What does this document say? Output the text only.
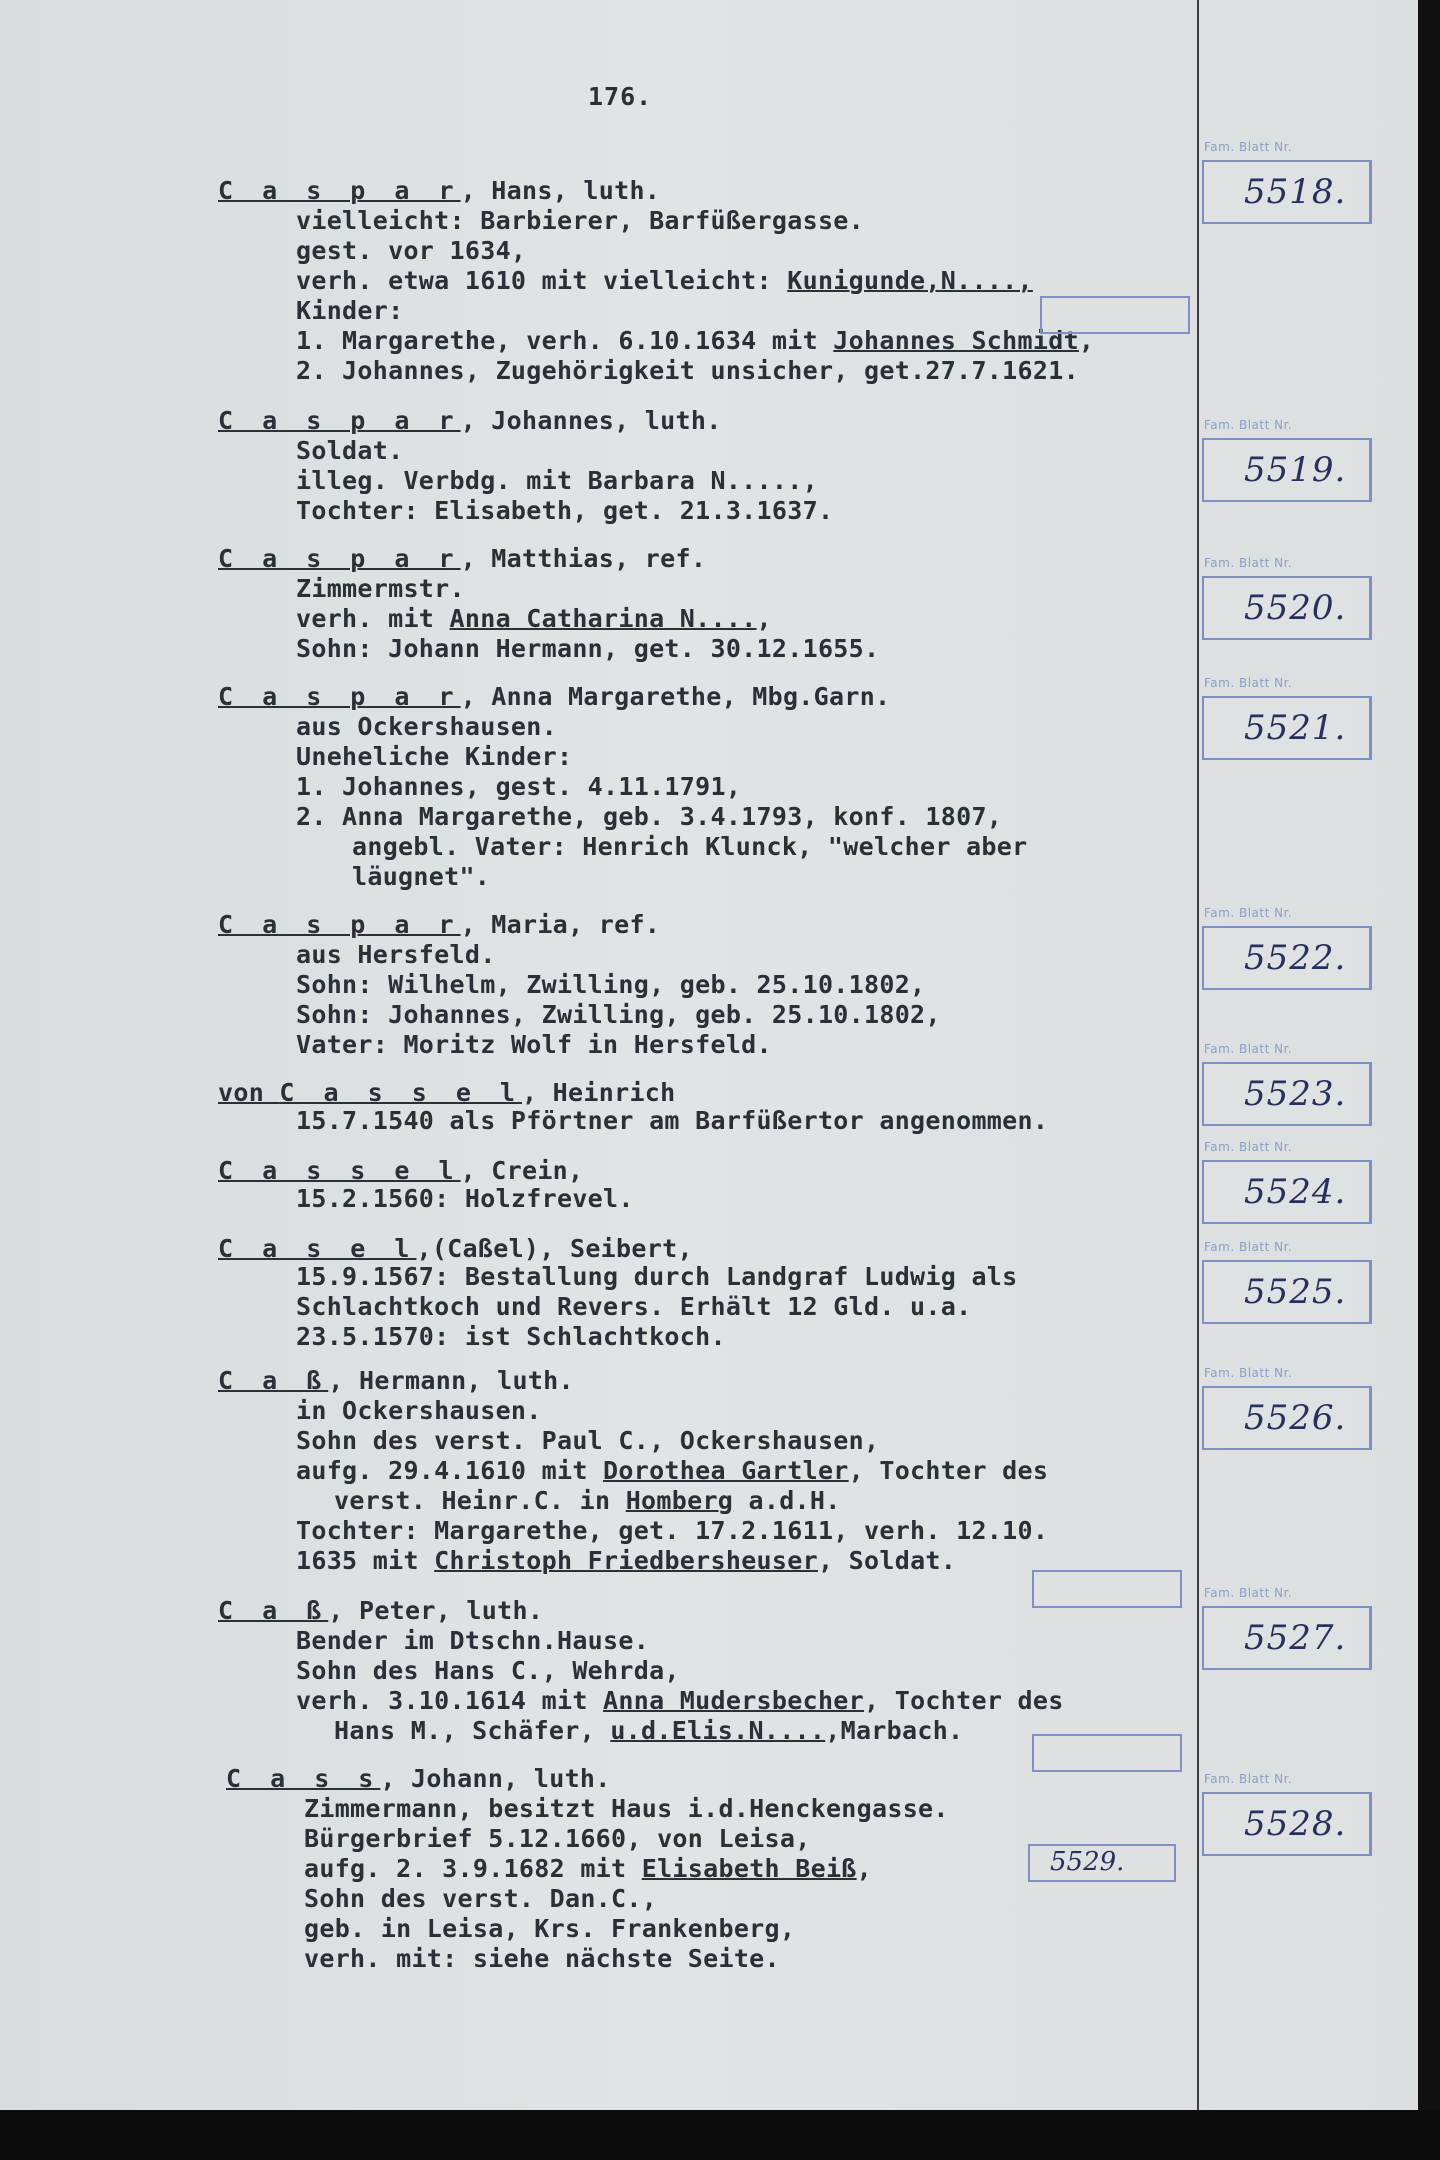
176.
C a s p a r, Hans, luth.
vielleicht: Barbierer, Barfüßergasse.
gest. vor 1634,
verh. etwa 1610 mit vielleicht: Kunigunde,N....,
Kinder:
1. Margarethe, verh. 6.10.1634 mit Johannes Schmidt,
2. Johannes, Zugehörigkeit unsicher, get.27.7.1621.
Fam. Blatt Nr.
5518.
C a s p a r, Johannes, luth.
Soldat.
illeg. Verbdg. mit Barbara N.....,
Tochter: Elisabeth, get. 21.3.1637.
Fam. Blatt Nr.
5519.
C a s p a r, Matthias, ref.
Zimmermstr.
verh. mit Anna Catharina N....,
Sohn: Johann Hermann, get. 30.12.1655.
Fam. Blatt Nr.
5520.
C a s p a r, Anna Margarethe, Mbg.Garn.
aus Ockershausen.
Uneheliche Kinder:
1. Johannes, gest. 4.11.1791,
2. Anna Margarethe, geb. 3.4.1793, konf. 1807,
angebl. Vater: Henrich Klunck, "welcher aber
läugnet".
Fam. Blatt Nr.
5521.
C a s p a r, Maria, ref.
aus Hersfeld.
Sohn: Wilhelm, Zwilling, geb. 25.10.1802,
Sohn: Johannes, Zwilling, geb. 25.10.1802,
Vater: Moritz Wolf in Hersfeld.
Fam. Blatt Nr.
5522.
von C a s s e l, Heinrich
15.7.1540 als Pförtner am Barfüßertor angenommen.
Fam. Blatt Nr.
5523.
C a s s e l, Crein,
15.2.1560: Holzfrevel.
Fam. Blatt Nr.
5524.
C a s e l,(Caßel), Seibert,
15.9.1567: Bestallung durch Landgraf Ludwig als
Schlachtkoch und Revers. Erhält 12 Gld. u.a.
23.5.1570: ist Schlachtkoch.
Fam. Blatt Nr.
5525.
C a ß, Hermann, luth.
in Ockershausen.
Sohn des verst. Paul C., Ockershausen,
aufg. 29.4.1610 mit Dorothea Gartler, Tochter des
verst. Heinr.C. in Homberg a.d.H.
Tochter: Margarethe, get. 17.2.1611, verh. 12.10.
1635 mit Christoph Friedbersheuser, Soldat.
Fam. Blatt Nr.
5526.
C a ß, Peter, luth.
Bender im Dtschn.Hause.
Sohn des Hans C., Wehrda,
verh. 3.10.1614 mit Anna Mudersbecher, Tochter des
Hans M., Schäfer, u.d.Elis.N....,Marbach.
Fam. Blatt Nr.
5527.
C a s s, Johann, luth.
Zimmermann, besitzt Haus i.d.Henckengasse.
Bürgerbrief 5.12.1660, von Leisa,
aufg. 2. 3.9.1682 mit Elisabeth Beiß,
Sohn des verst. Dan.C.,
geb. in Leisa, Krs. Frankenberg,
verh. mit: siehe nächste Seite.
5529.
Fam. Blatt Nr.
5528.
